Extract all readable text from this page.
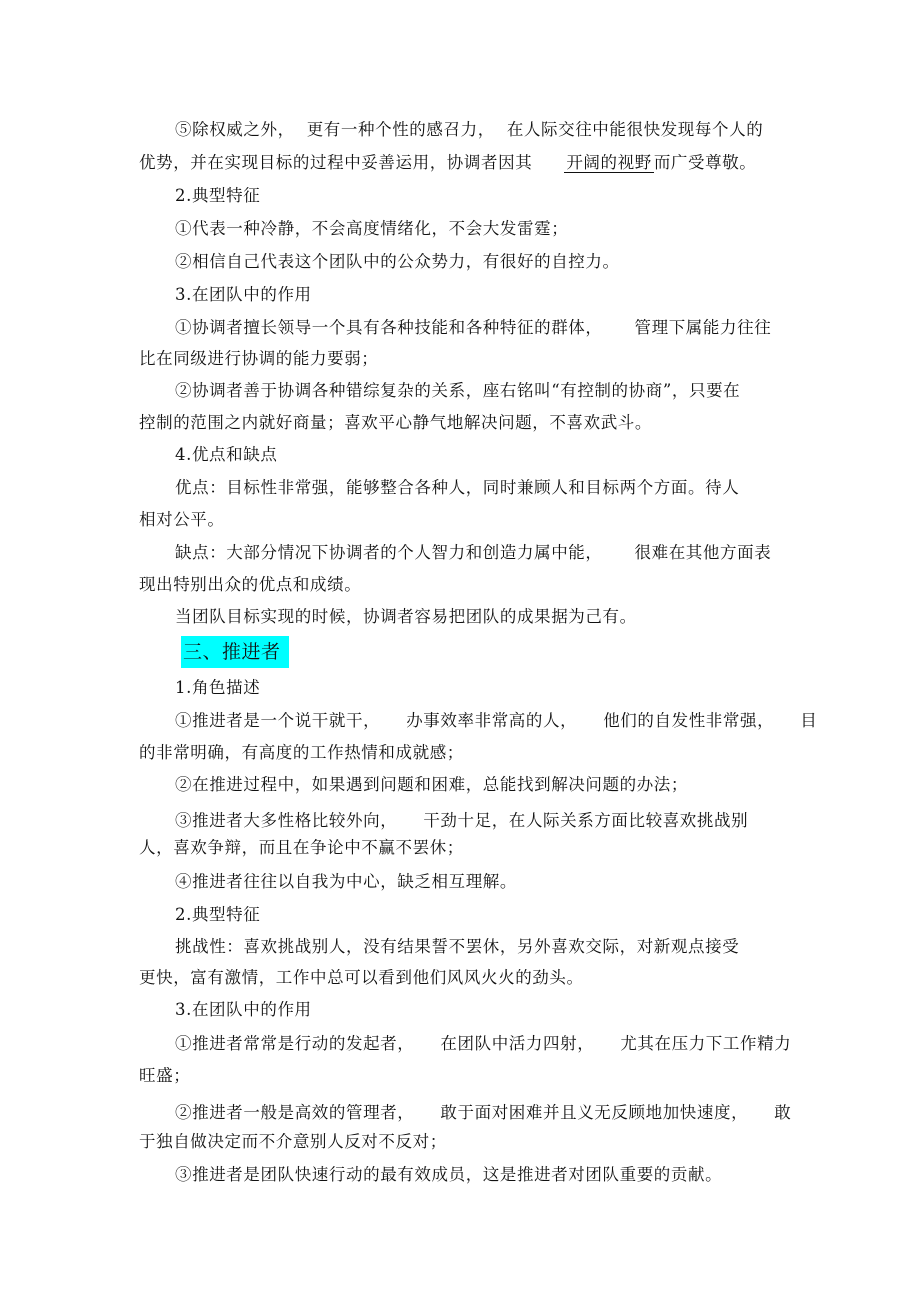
⑤除权威之外， 更有一种个性的感召力， 在人际交往中能很快发现每个人的
优势，并在实现目标的过程中妥善运用，协调者因其 开阔的视野 而广受尊敬。
2.典型特征
①代表一种冷静，不会高度情绪化，不会大发雷霆；
②相信自己代表这个团队中的公众势力，有很好的自控力。
3.在团队中的作用
①协调者擅长领导一个具有各种技能和各种特征的群体， 管理下属能力往往
比在同级进行协调的能力要弱；
②协调者善于协调各种错综复杂的关系，座右铭叫“有控制的协商”，只要在
控制的范围之内就好商量；喜欢平心静气地解决问题，不喜欢武斗。
4.优点和缺点
优点：目标性非常强，能够整合各种人，同时兼顾人和目标两个方面。待人
相对公平。
缺点：大部分情况下协调者的个人智力和创造力属中能， 很难在其他方面表
现出特别出众的优点和成绩。
当团队目标实现的时候，协调者容易把团队的成果据为己有。
三、推进者
1.角色描述
①推进者是一个说干就干， 办事效率非常高的人， 他们的自发性非常强， 目
的非常明确，有高度的工作热情和成就感；
②在推进过程中，如果遇到问题和困难，总能找到解决问题的办法；
③推进者大多性格比较外向， 干劲十足，在人际关系方面比较喜欢挑战别
人，喜欢争辩，而且在争论中不赢不罢休；
④推进者往往以自我为中心，缺乏相互理解。
2.典型特征
挑战性：喜欢挑战别人，没有结果誓不罢休，另外喜欢交际，对新观点接受
更快，富有激情，工作中总可以看到他们风风火火的劲头。
3.在团队中的作用
①推进者常常是行动的发起者， 在团队中活力四射， 尤其在压力下工作精力
旺盛；
②推进者一般是高效的管理者， 敢于面对困难并且义无反顾地加快速度， 敢
于独自做决定而不介意别人反对不反对；
③推进者是团队快速行动的最有效成员，这是推进者对团队重要的贡献。
